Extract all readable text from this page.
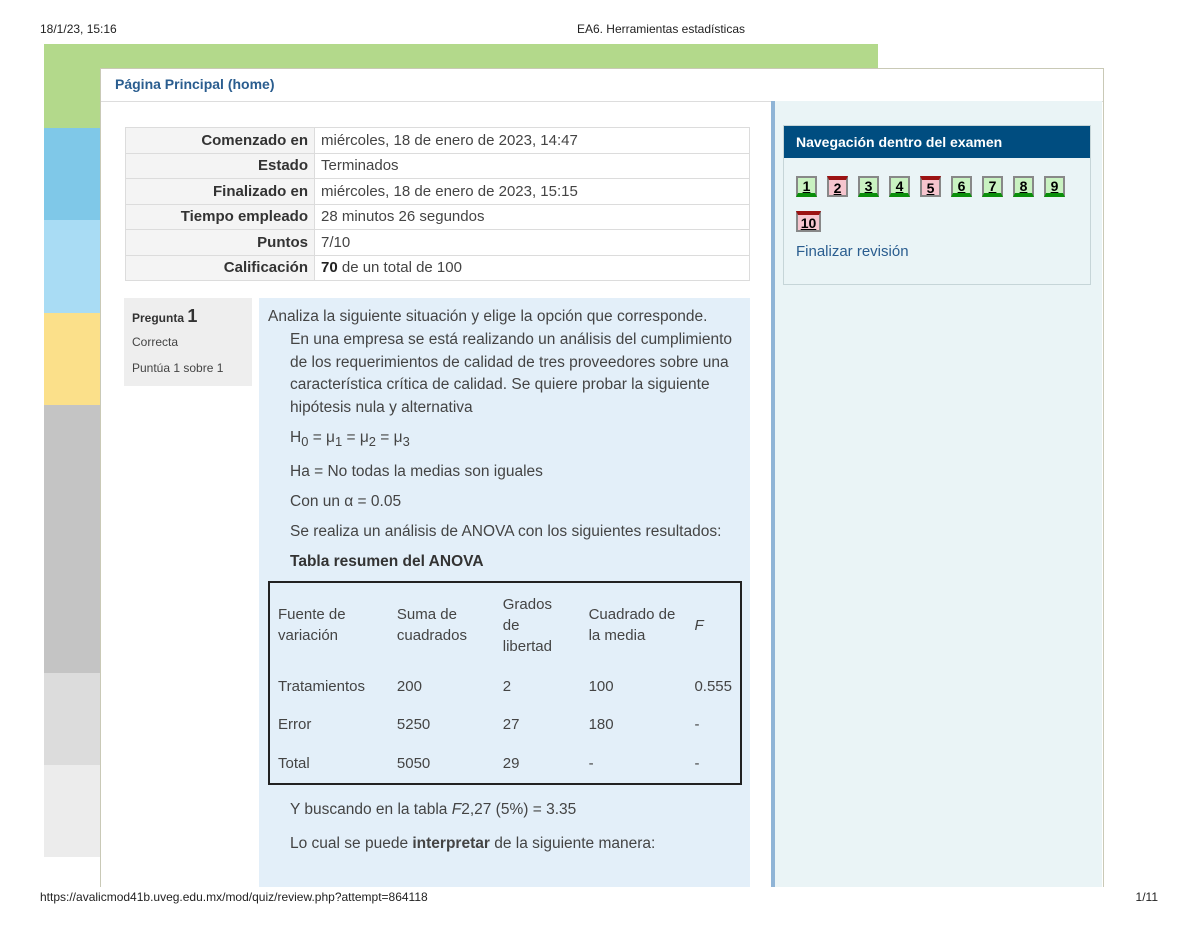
18/1/23, 15:16	EA6. Herramientas estadísticas
Página Principal (home)
Comenzado en	miércoles, 18 de enero de 2023, 14:47
Estado	Terminados
Finalizado en	miércoles, 18 de enero de 2023, 15:15
Tiempo empleado	28 minutos 26 segundos
Puntos	7/10
Calificación	70 de un total de 100
Pregunta 1
Correcta
Puntúa 1 sobre 1

Analiza la siguiente situación y elige la opción que corresponde.

En una empresa se está realizando un análisis del cumplimiento de los requerimientos de calidad de tres proveedores sobre una característica crítica de calidad. Se quiere probar la siguiente hipótesis nula y alternativa

$H_0 = \mu_1 = \mu_2 = \mu_3$

Ha = No todas la medias son iguales

Con un α = 0.05

Se realiza un análisis de ANOVA con los siguientes resultados:

Tabla resumen del ANOVA

Fuente de variación	Suma de cuadrados	Grados de libertad	Cuadrado de la media	F
Tratamientos	200	2	100	0.555
Error	5250	27	180	-
Total	5050	29	-	-

Y buscando en la tabla F2,27 (5%) = 3.35

Lo cual se puede interpretar de la siguiente manera:

Navegación dentro del examen
1	2	3	4	5	6	7	8	9
10
Finalizar revisión
https://avalicmod41b.uveg.edu.mx/mod/quiz/review.php?attempt=864118	1/11
